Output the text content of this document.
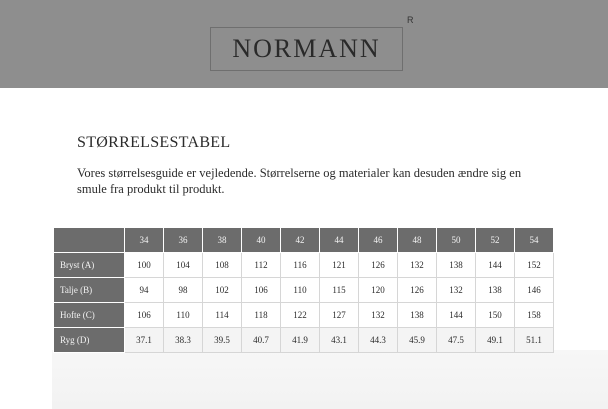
NORMANN
R
STØRRELSESTABEL
Vores størrelsesguide er vejledende. Størrelserne og materialer kan desuden ændre sig en smule fra produkt til produkt.
	34	36	38	40	42	44	46	48	50	52	54
Bryst (A)	100	104	108	112	116	121	126	132	138	144	152
Talje (B)	94	98	102	106	110	115	120	126	132	138	146
Hofte (C)	106	110	114	118	122	127	132	138	144	150	158
Ryg (D)	37.1	38.3	39.5	40.7	41.9	43.1	44.3	45.9	47.5	49.1	51.1
